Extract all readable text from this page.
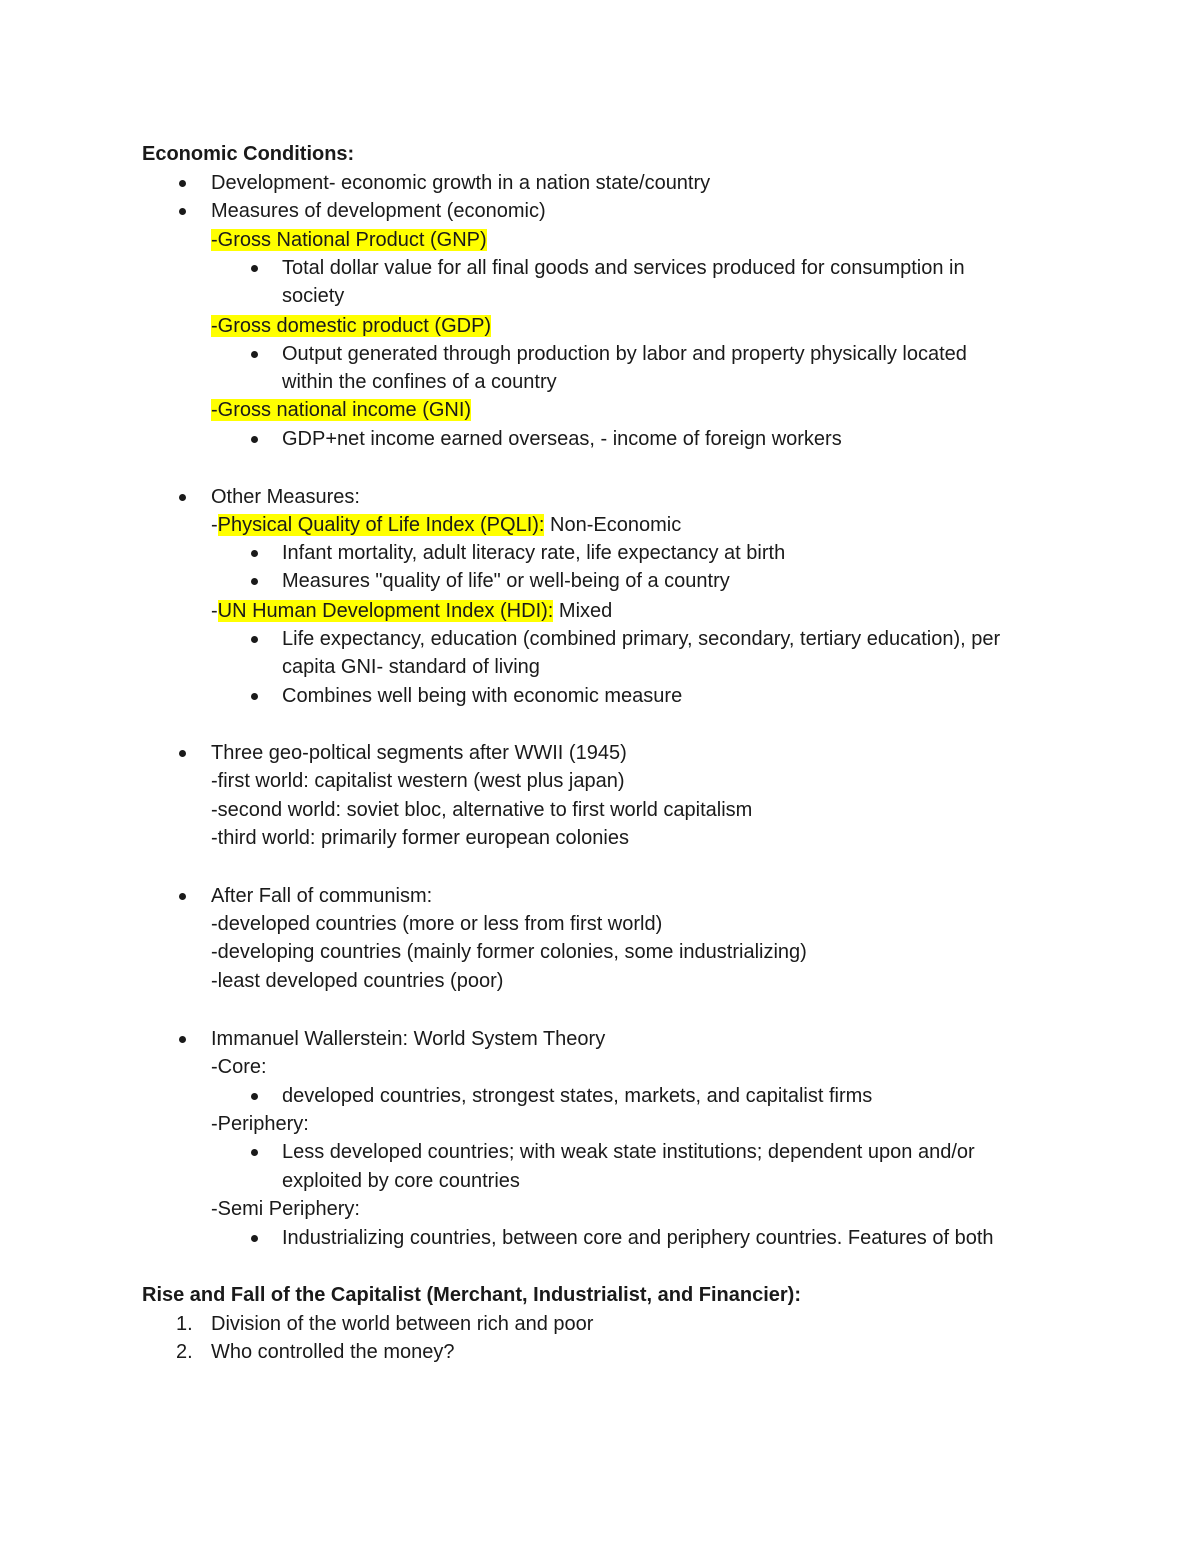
Economic Conditions:
Development- economic growth in a nation state/country
Measures of development (economic)
-Gross National Product (GNP)
Total dollar value for all final goods and services produced for consumption in
society
-Gross domestic product (GDP)
Output generated through production by labor and property physically located
within the confines of a country
-Gross national income (GNI)
GDP+net income earned overseas, - income of foreign workers
Other Measures:
-Physical Quality of Life Index (PQLI): Non-Economic
Infant mortality, adult literacy rate, life expectancy at birth
Measures "quality of life" or well-being of a country
-UN Human Development Index (HDI): Mixed
Life expectancy, education (combined primary, secondary, tertiary education), per
capita GNI- standard of living
Combines well being with economic measure
Three geo-poltical segments after WWII (1945)
-first world: capitalist western (west plus japan)
-second world: soviet bloc, alternative to first world capitalism
-third world: primarily former european colonies
After Fall of communism:
-developed countries (more or less from first world)
-developing countries (mainly former colonies, some industrializing)
-least developed countries (poor)
Immanuel Wallerstein: World System Theory
-Core:
developed countries, strongest states, markets, and capitalist firms
-Periphery:
Less developed countries; with weak state institutions; dependent upon and/or
exploited by core countries
-Semi Periphery:
Industrializing countries, between core and periphery countries. Features of both
Rise and Fall of the Capitalist (Merchant, Industrialist, and Financier):
1. Division of the world between rich and poor
2. Who controlled the money?
